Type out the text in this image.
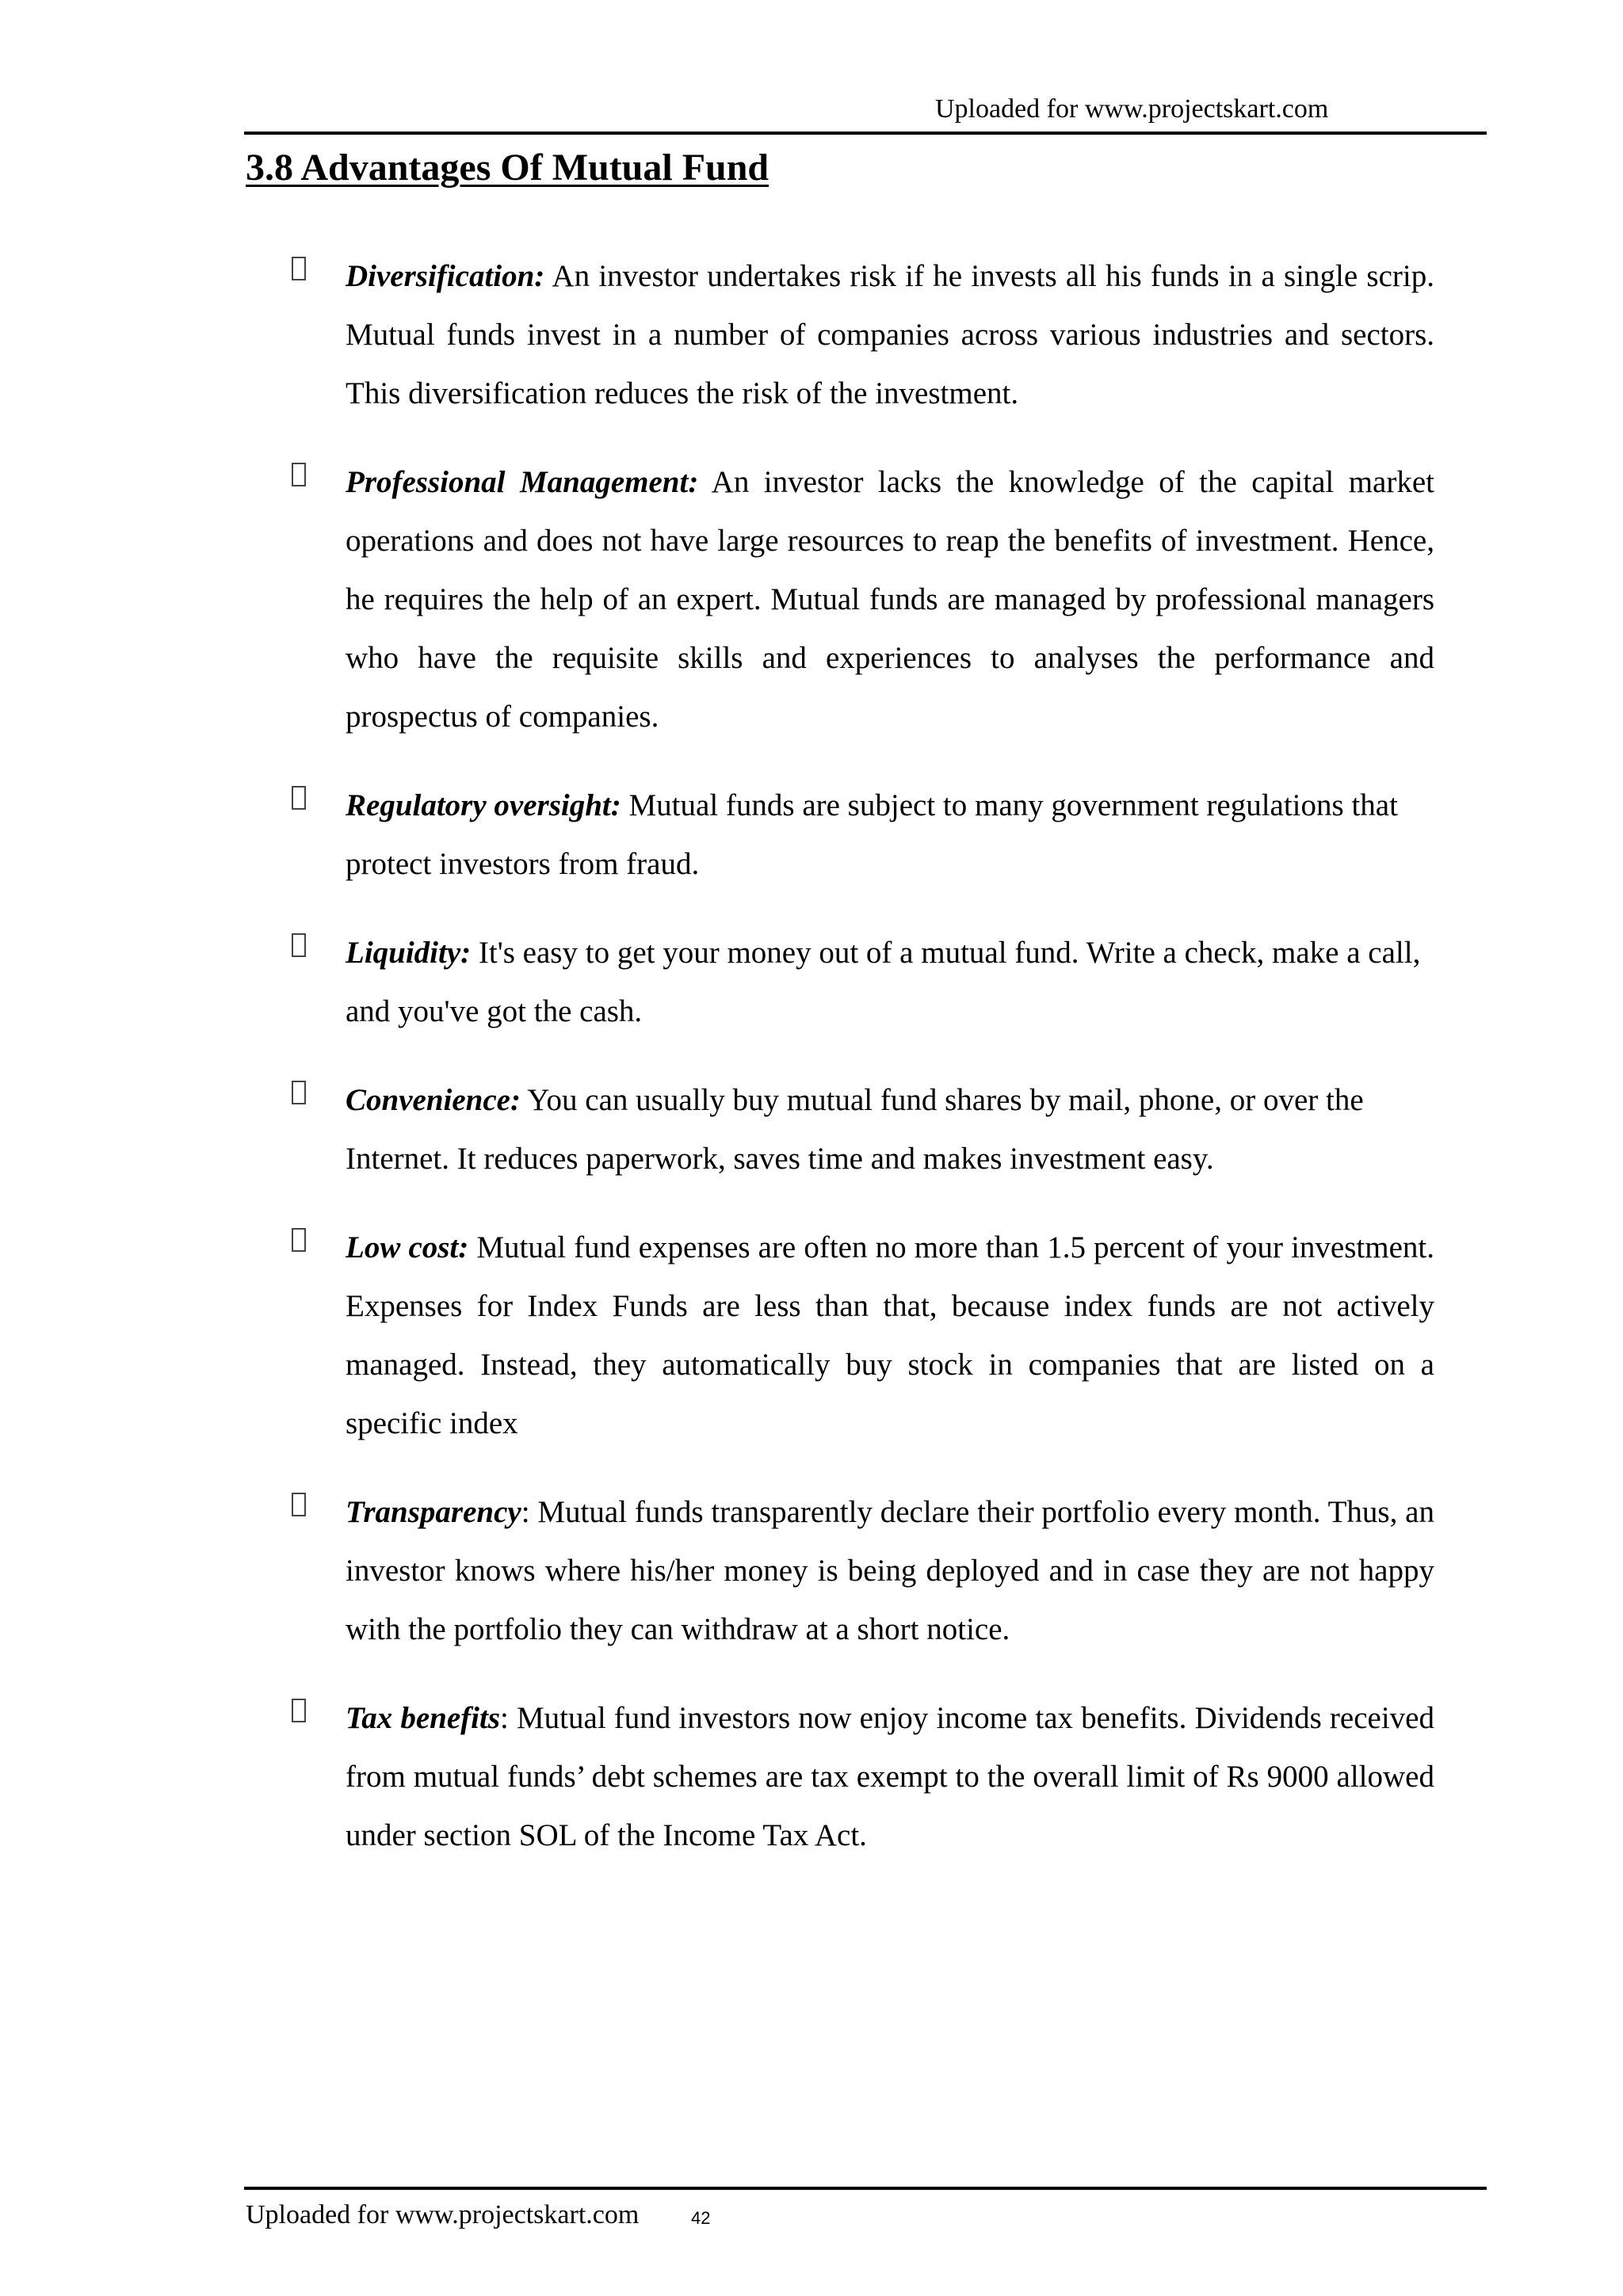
Uploaded for www.projectskart.com
3.8 Advantages Of Mutual Fund
Diversification: An investor undertakes risk if he invests all his funds in a single scrip. Mutual funds invest in a number of companies across various industries and sectors. This diversification reduces the risk of the investment.
Professional Management: An investor lacks the knowledge of the capital market operations and does not have large resources to reap the benefits of investment. Hence, he requires the help of an expert. Mutual funds are managed by professional managers who have the requisite skills and experiences to analyses the performance and prospectus of companies.
Regulatory oversight: Mutual funds are subject to many government regulations that protect investors from fraud.
Liquidity: It's easy to get your money out of a mutual fund. Write a check, make a call, and you've got the cash.
Convenience: You can usually buy mutual fund shares by mail, phone, or over the Internet. It reduces paperwork, saves time and makes investment easy.
Low cost: Mutual fund expenses are often no more than 1.5 percent of your investment. Expenses for Index Funds are less than that, because index funds are not actively managed. Instead, they automatically buy stock in companies that are listed on a specific index
Transparency: Mutual funds transparently declare their portfolio every month. Thus, an investor knows where his/her money is being deployed and in case they are not happy with the portfolio they can withdraw at a short notice.
Tax benefits: Mutual fund investors now enjoy income tax benefits. Dividends received from mutual funds’ debt schemes are tax exempt to the overall limit of Rs 9000 allowed under section SOL of the Income Tax Act.
Uploaded for www.projectskart.com	42
